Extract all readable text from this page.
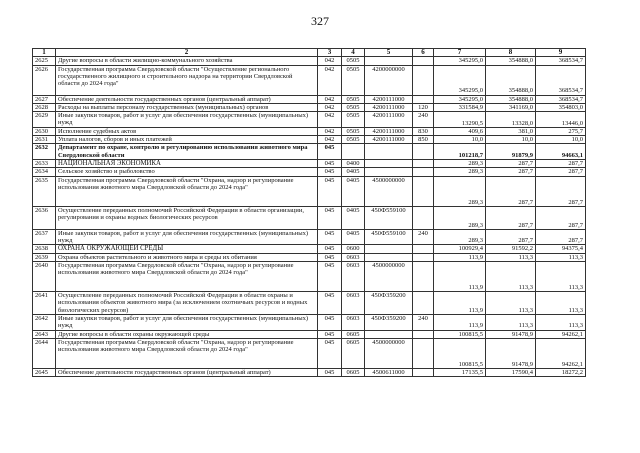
327
1	2	3	4	5	6	7	8	9
2625	Другие вопросы в области жилищно-коммунального хозяйства	042	0505			345295,0	354888,0	368534,7
2626	Государственная программа Свердловской области "Осуществление регионального государственного жилищного и строительного надзора на территории Свердловской области до 2024 года"	042	0505	4200000000		345295,0	354888,0	368534,7
2627	Обеспечение деятельности государственных органов (центральный аппарат)	042	0505	4200111000		345295,0	354888,0	368534,7
2628	Расходы на выплаты персоналу государственных (муниципальных) органов	042	0505	4200111000	120	331584,9	341169,0	354803,0
2629	Иные закупки товаров, работ и услуг для обеспечения государственных (муниципальных) нужд	042	0505	4200111000	240	13290,5	13328,0	13446,0
2630	Исполнение судебных актов	042	0505	4200111000	830	409,6	381,0	275,7
2631	Уплата налогов, сборов и иных платежей	042	0505	4200111000	850	10,0	10,0	10,0
2632	Департамент по охране, контролю и регулированию использования животного мира Свердловской области	045				101218,7	91879,9	94663,1
2633	НАЦИОНАЛЬНАЯ ЭКОНОМИКА	045	0400			289,3	287,7	287,7
2634	Сельское хозяйство и рыболовство	045	0405			289,3	287,7	287,7
2635	Государственная программа Свердловской области "Охрана, надзор и регулирование использования животного мира Свердловской области до 2024 года"	045	0405	4500000000		289,3	287,7	287,7
2636	Осуществление переданных полномочий Российской Федерации в области организации, регулирования и охраны водных биологических ресурсов	045	0405	450Ф559100		289,3	287,7	287,7
2637	Иные закупки товаров, работ и услуг для обеспечения государственных (муниципальных) нужд	045	0405	450Ф559100	240	289,3	287,7	287,7
2638	ОХРАНА ОКРУЖАЮЩЕЙ СРЕДЫ	045	0600			100929,4	91592,2	94375,4
2639	Охрана объектов растительного и животного мира и среды их обитания	045	0603			113,9	113,3	113,3
2640	Государственная программа Свердловской области "Охрана, надзор и регулирование использования животного мира Свердловской области до 2024 года"	045	0603	4500000000		113,9	113,3	113,3
2641	Осуществление переданных полномочий Российской Федерации в области охраны и использования объектов животного мира (за исключением охотничьих ресурсов и водных биологических ресурсов)	045	0603	450Ф359200		113,9	113,3	113,3
2642	Иные закупки товаров, работ и услуг для обеспечения государственных (муниципальных) нужд	045	0603	450Ф359200	240	113,9	113,3	113,3
2643	Другие вопросы в области охраны окружающей среды	045	0605			100815,5	91478,9	94262,1
2644	Государственная программа Свердловской области "Охрана, надзор и регулирование использования животного мира Свердловской области до 2024 года"	045	0605	4500000000		100815,5	91478,9	94262,1
2645	Обеспечение деятельности государственных органов (центральный аппарат)	045	0605	4500611000		17135,5	17590,4	18272,2
